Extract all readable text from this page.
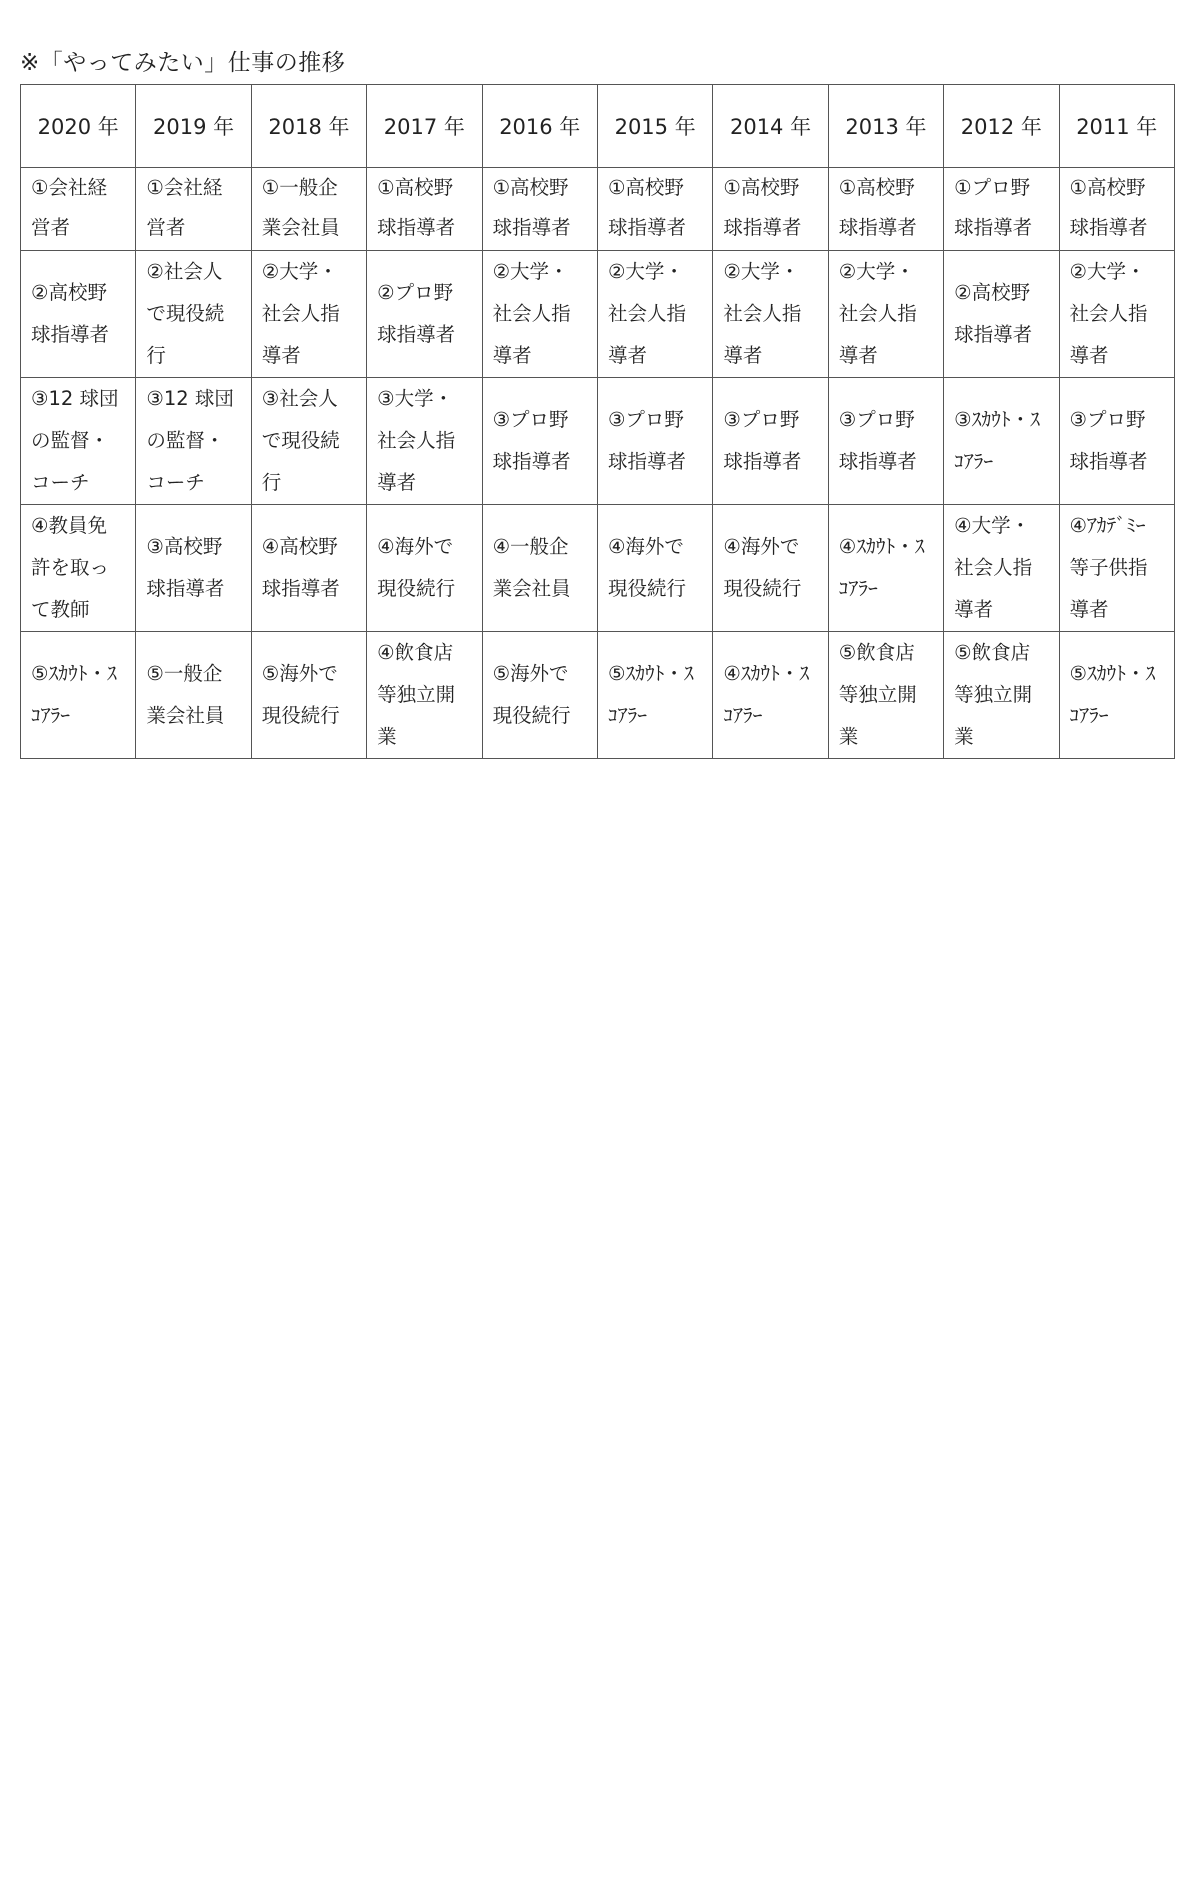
※「やってみたい」仕事の推移
2020 年	2019 年	2018 年	2017 年	2016 年	2015 年	2014 年	2013 年	2012 年	2011 年
①会社経営者	①会社経営者	①一般企業会社員	①高校野球指導者	①高校野球指導者	①高校野球指導者	①高校野球指導者	①高校野球指導者	①プロ野球指導者	①高校野球指導者
②高校野球指導者	②社会人で現役続行	②大学・社会人指導者	②プロ野球指導者	②大学・社会人指導者	②大学・社会人指導者	②大学・社会人指導者	②大学・社会人指導者	②高校野球指導者	②大学・社会人指導者
③12 球団の監督・コーチ	③12 球団の監督・コーチ	③社会人で現役続行	③大学・社会人指導者	③プロ野球指導者	③プロ野球指導者	③プロ野球指導者	③プロ野球指導者	③ｽｶｳﾄ・ｽｺｱﾗｰ	③プロ野球指導者
④教員免許を取って教師	③高校野球指導者	④高校野球指導者	④海外で現役続行	④一般企業会社員	④海外で現役続行	④海外で現役続行	④ｽｶｳﾄ・ｽｺｱﾗｰ	④大学・社会人指導者	④ｱｶﾃﾞﾐｰ等子供指導者
⑤ｽｶｳﾄ・ｽｺｱﾗｰ	⑤一般企業会社員	⑤海外で現役続行	④飲食店等独立開業	⑤海外で現役続行	⑤ｽｶｳﾄ・ｽｺｱﾗｰ	④ｽｶｳﾄ・ｽｺｱﾗｰ	⑤飲食店等独立開業	⑤飲食店等独立開業	⑤ｽｶｳﾄ・ｽｺｱﾗｰ
